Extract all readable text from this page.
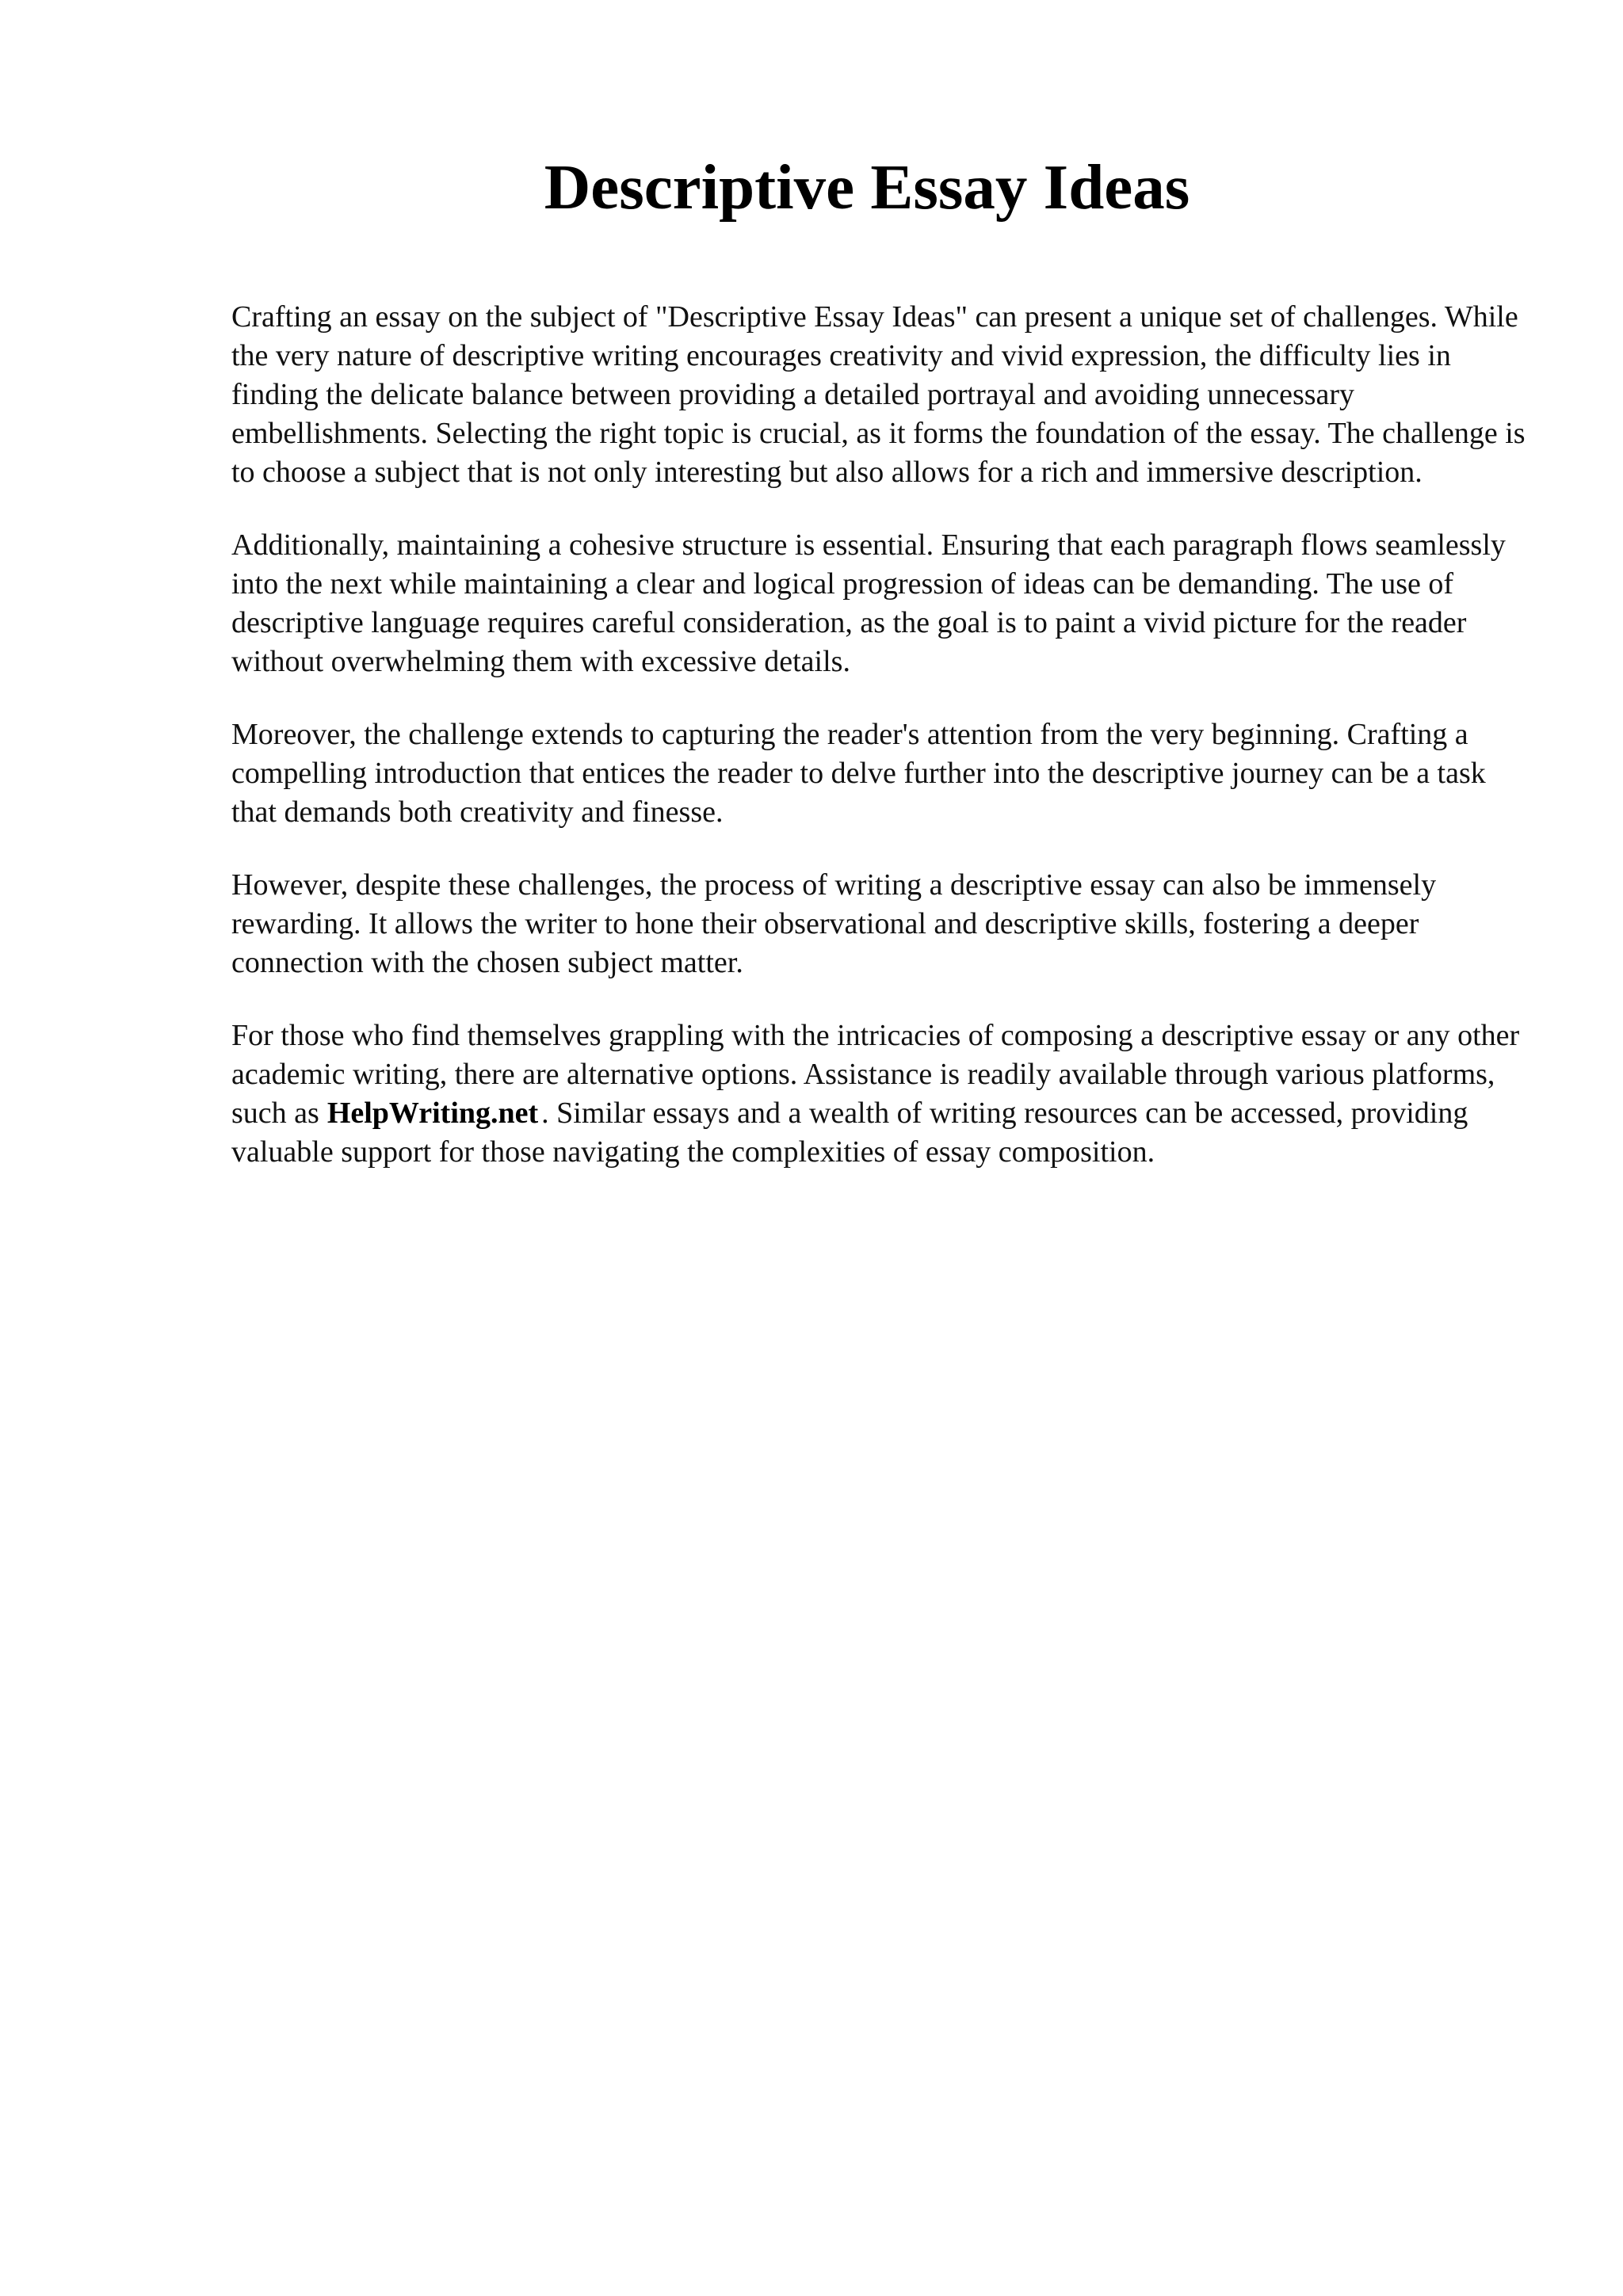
Descriptive Essay Ideas

Crafting an essay on the subject of "Descriptive Essay Ideas" can present a unique set of challenges. While the very nature of descriptive writing encourages creativity and vivid expression, the difficulty lies in finding the delicate balance between providing a detailed portrayal and avoiding unnecessary embellishments. Selecting the right topic is crucial, as it forms the foundation of the essay. The challenge is to choose a subject that is not only interesting but also allows for a rich and immersive description.

Additionally, maintaining a cohesive structure is essential. Ensuring that each paragraph flows seamlessly into the next while maintaining a clear and logical progression of ideas can be demanding. The use of descriptive language requires careful consideration, as the goal is to paint a vivid picture for the reader without overwhelming them with excessive details.

Moreover, the challenge extends to capturing the reader's attention from the very beginning. Crafting a compelling introduction that entices the reader to delve further into the descriptive journey can be a task that demands both creativity and finesse.

However, despite these challenges, the process of writing a descriptive essay can also be immensely rewarding. It allows the writer to hone their observational and descriptive skills, fostering a deeper connection with the chosen subject matter.

For those who find themselves grappling with the intricacies of composing a descriptive essay or any other academic writing, there are alternative options. Assistance is readily available through various platforms, such as HelpWriting.net . Similar essays and a wealth of writing resources can be accessed, providing valuable support for those navigating the complexities of essay composition.
